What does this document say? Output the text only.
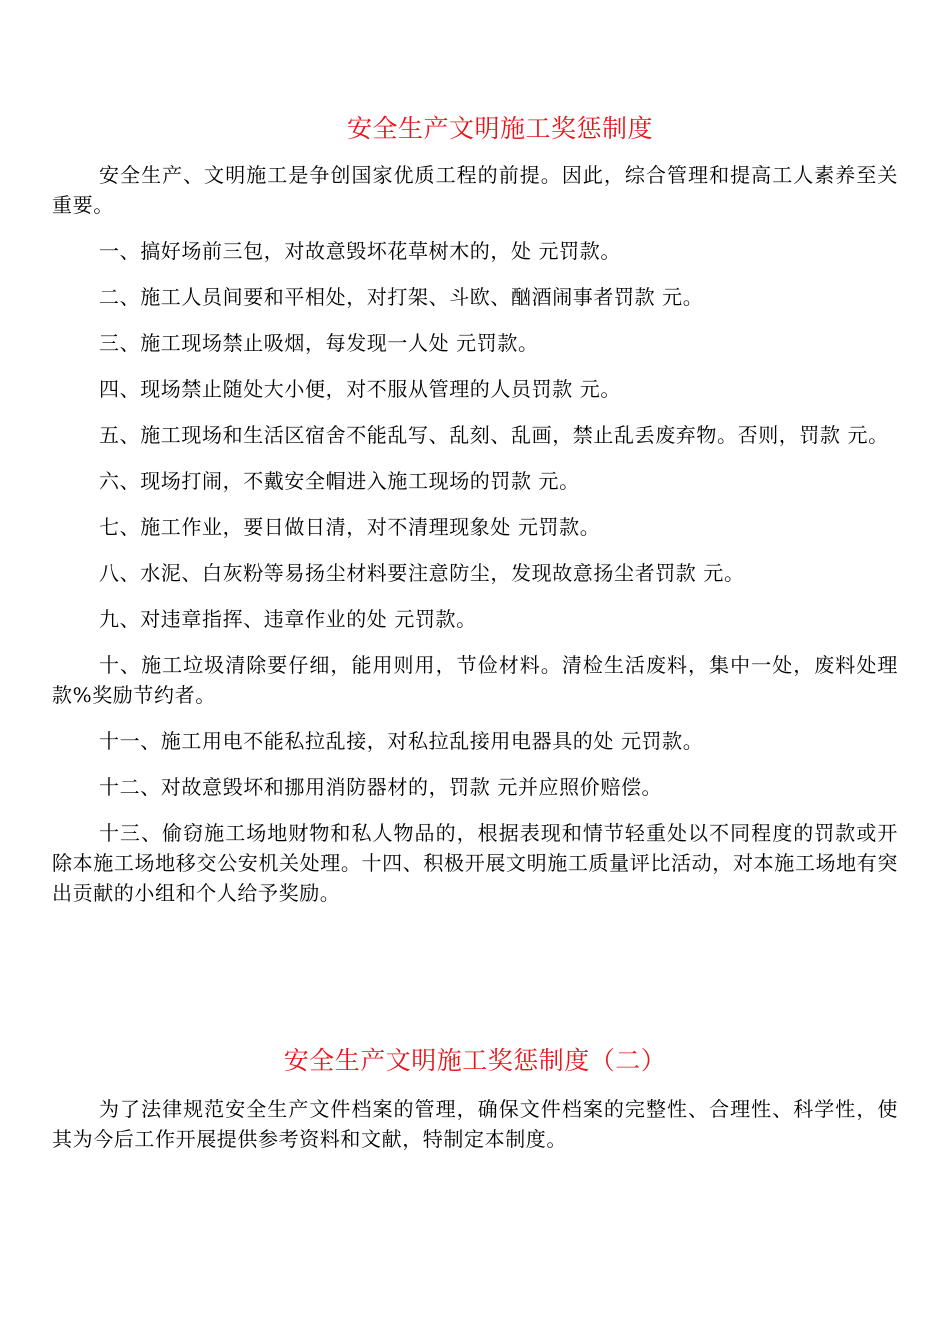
安全生产文明施工奖惩制度

安全生产、文明施工是争创国家优质工程的前提。因此，综合管理和提高工人素养至关重要。

一、搞好场前三包，对故意毁坏花草树木的，处 元罚款。

二、施工人员间要和平相处，对打架、斗欧、酗酒闹事者罚款 元。

三、施工现场禁止吸烟，每发现一人处 元罚款。

四、现场禁止随处大小便，对不服从管理的人员罚款 元。

五、施工现场和生活区宿舍不能乱写、乱刻、乱画，禁止乱丢废弃物。否则，罚款 元。

六、现场打闹，不戴安全帽进入施工现场的罚款 元。

七、施工作业，要日做日清，对不清理现象处 元罚款。

八、水泥、白灰粉等易扬尘材料要注意防尘，发现故意扬尘者罚款 元。

九、对违章指挥、违章作业的处 元罚款。

十、施工垃圾清除要仔细，能用则用，节俭材料。清检生活废料，集中一处，废料处理款%奖励节约者。

十一、施工用电不能私拉乱接，对私拉乱接用电器具的处 元罚款。

十二、对故意毁坏和挪用消防器材的，罚款 元并应照价赔偿。

十三、偷窃施工场地财物和私人物品的，根据表现和情节轻重处以不同程度的罚款或开除本施工场地移交公安机关处理。十四、积极开展文明施工质量评比活动，对本施工场地有突出贡献的小组和个人给予奖励。

安全生产文明施工奖惩制度（二）

为了法律规范安全生产文件档案的管理，确保文件档案的完整性、合理性、科学性，使其为今后工作开展提供参考资料和文献，特制定本制度。
